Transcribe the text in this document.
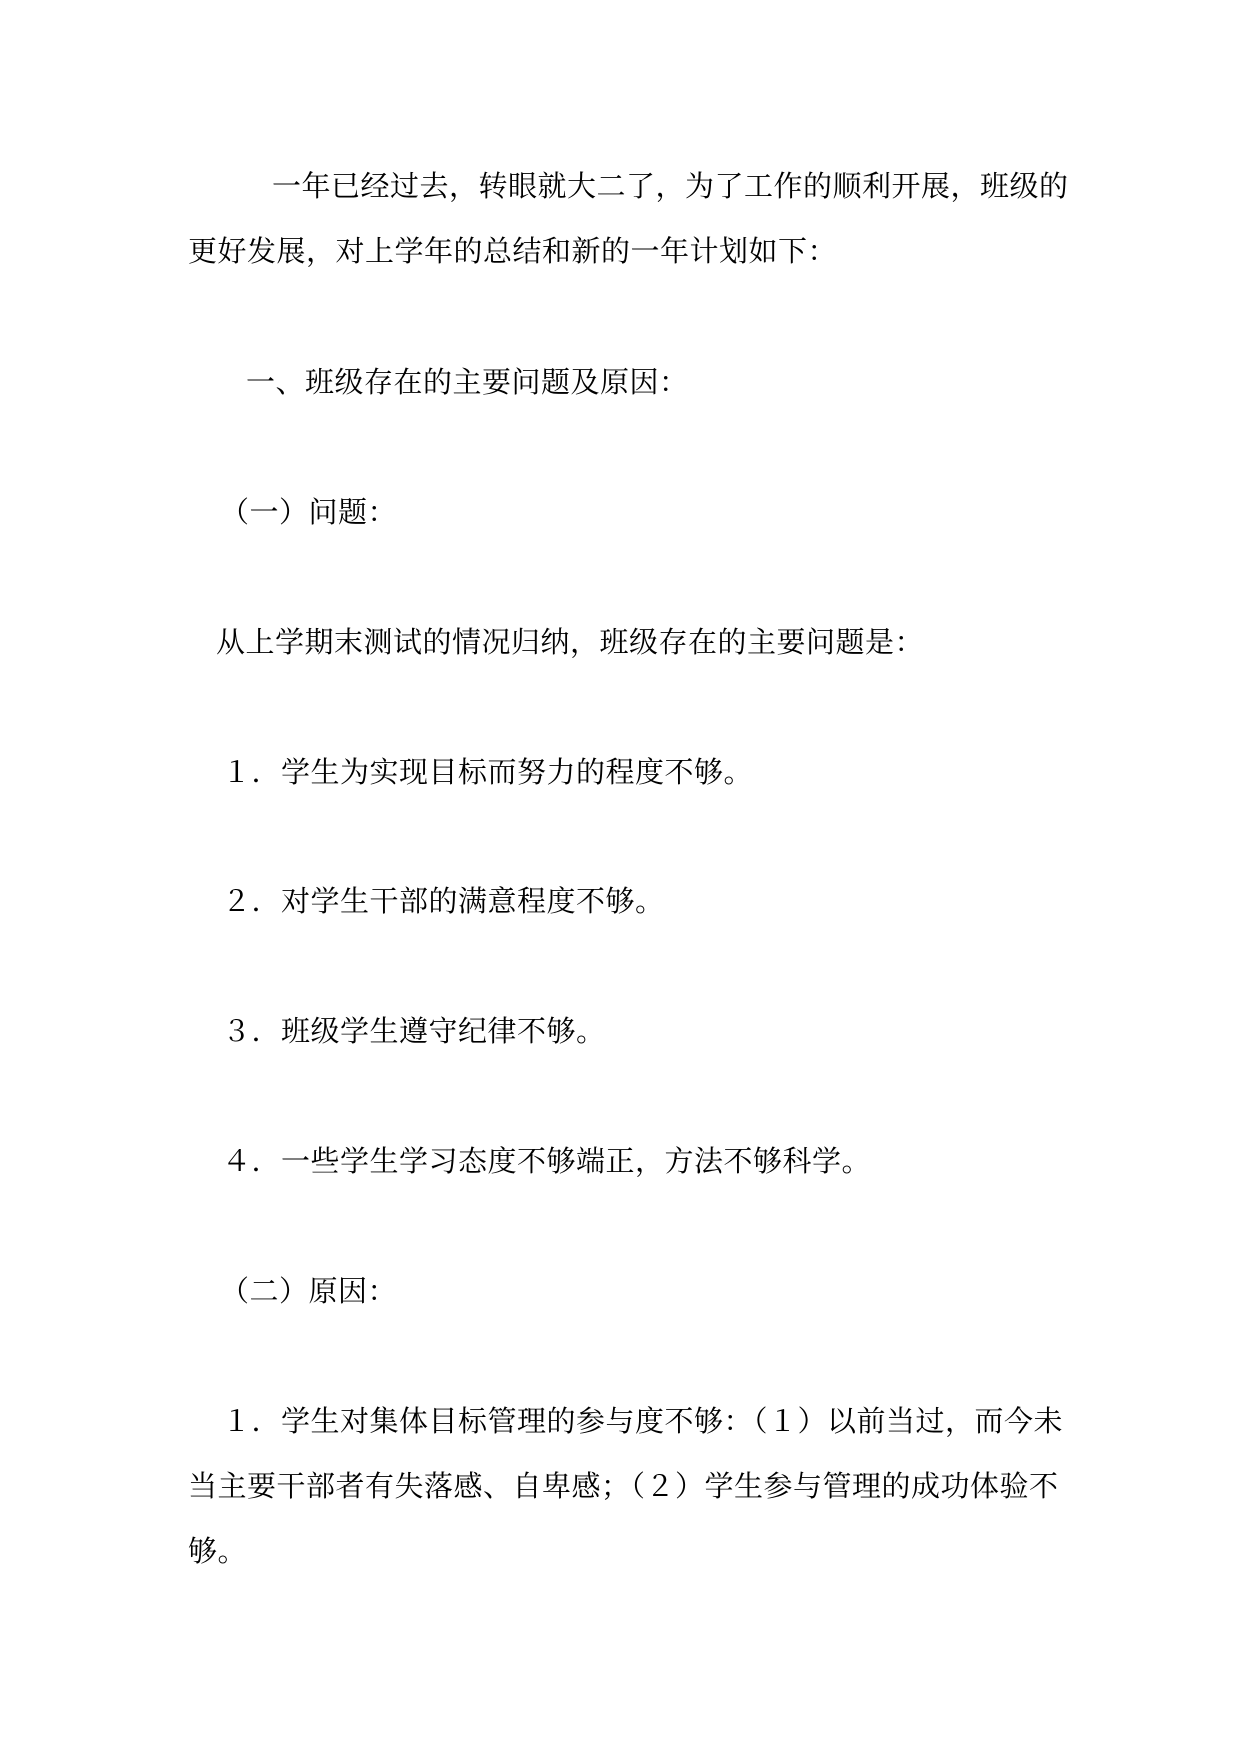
一年已经过去，转眼就大二了，为了工作的顺利开展，班级的
更好发展，对上学年的总结和新的一年计划如下：
一、班级存在的主要问题及原因：
（一）问题：
从上学期末测试的情况归纳，班级存在的主要问题是：
１．学生为实现目标而努力的程度不够。
２．对学生干部的满意程度不够。
３．班级学生遵守纪律不够。
４．一些学生学习态度不够端正，方法不够科学。
（二）原因：
１．学生对集体目标管理的参与度不够：（１）以前当过，而今未
当主要干部者有失落感、自卑感；（２）学生参与管理的成功体验不
够。
